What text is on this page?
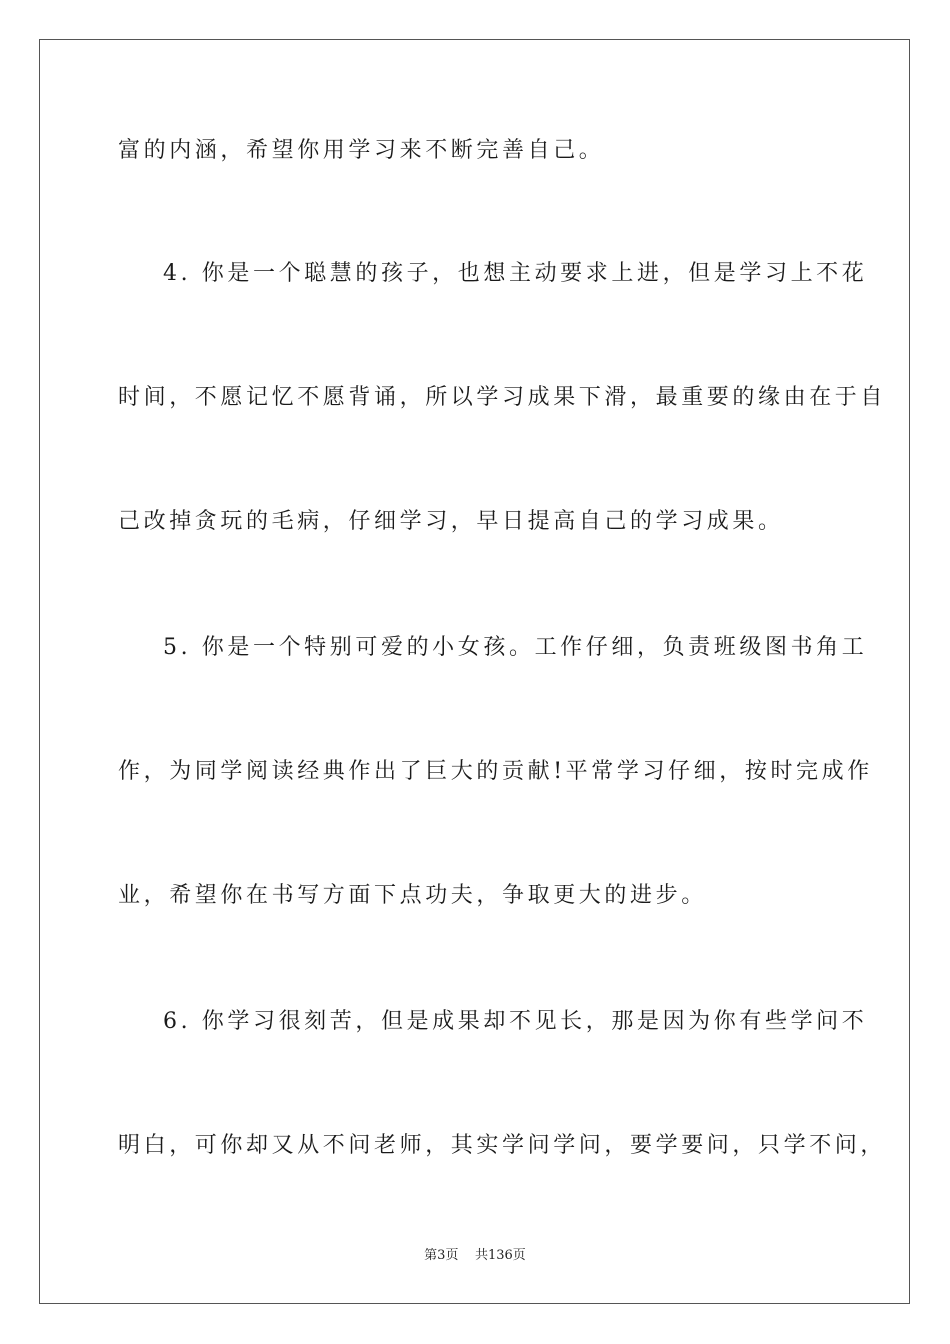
富的内涵，希望你用学习来不断完善自己。
4. 你是一个聪慧的孩子，也想主动要求上进，但是学习上不花
时间，不愿记忆不愿背诵，所以学习成果下滑，最重要的缘由在于自
己改掉贪玩的毛病，仔细学习，早日提高自己的学习成果。
5. 你是一个特别可爱的小女孩。工作仔细，负责班级图书角工
作，为同学阅读经典作出了巨大的贡献!平常学习仔细，按时完成作
业，希望你在书写方面下点功夫，争取更大的进步。
6. 你学习很刻苦，但是成果却不见长，那是因为你有些学问不
明白，可你却又从不问老师，其实学问学问，要学要问，只学不问，
第3页 共136页
